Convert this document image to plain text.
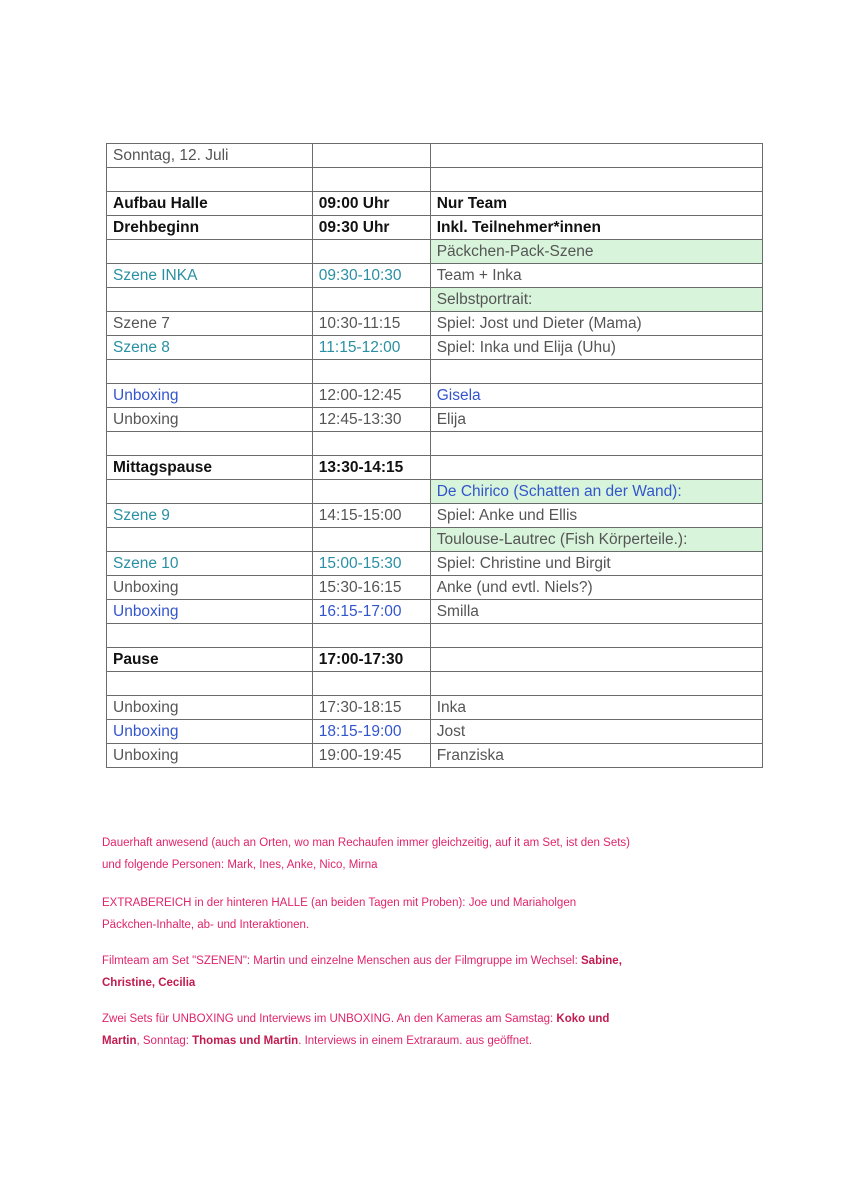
Sonntag, 12. Juli		

Aufbau Halle	09:00 Uhr	Nur Team
Drehbeginn	09:30 Uhr	Inkl. Teilnehmer*innen
		Päckchen-Pack-Szene
Szene INKA	09:30-10:30	Team + Inka
		Selbstportrait:
Szene 7	10:30-11:15	Spiel: Jost und Dieter (Mama)
Szene 8	11:15-12:00	Spiel: Inka und Elija (Uhu)

Unboxing	12:00-12:45	Gisela
Unboxing	12:45-13:30	Elija

Mittagspause	13:30-14:15	
		De Chirico (Schatten an der Wand):
Szene 9	14:15-15:00	Spiel: Anke und Ellis
		Toulouse-Lautrec (Fish Körperteile.):
Szene 10	15:00-15:30	Spiel: Christine und Birgit
Unboxing	15:30-16:15	Anke (und evtl. Niels?)
Unboxing	16:15-17:00	Smilla

Pause	17:00-17:30	

Unboxing	17:30-18:15	Inka
Unboxing	18:15-19:00	Jost
Unboxing	19:00-19:45	Franziska

Dauerhaft anwesend (auch an Orten, wo man Rechaufen immer gleichzeitig, auf it am Set, ist den Sets)

und folgende Personen: Mark, Ines, Anke, Nico, Mirna

EXTRABEREICH in der hinteren HALLE (an beiden Tagen mit Proben): Joe und Mariaholgen

Päckchen-Inhalte, ab- und Interaktionen.

Filmteam am Set "SZENEN": Martin und einzelne Menschen aus der Filmgruppe im Wechsel: Sabine,

Christine, Cecilia

Zwei Sets für UNBOXING und Interviews im UNBOXING. An den Kameras am Samstag: Koko und

Martin, Sonntag: Thomas und Martin. Interviews in einem Extraraum. aus geöffnet.
